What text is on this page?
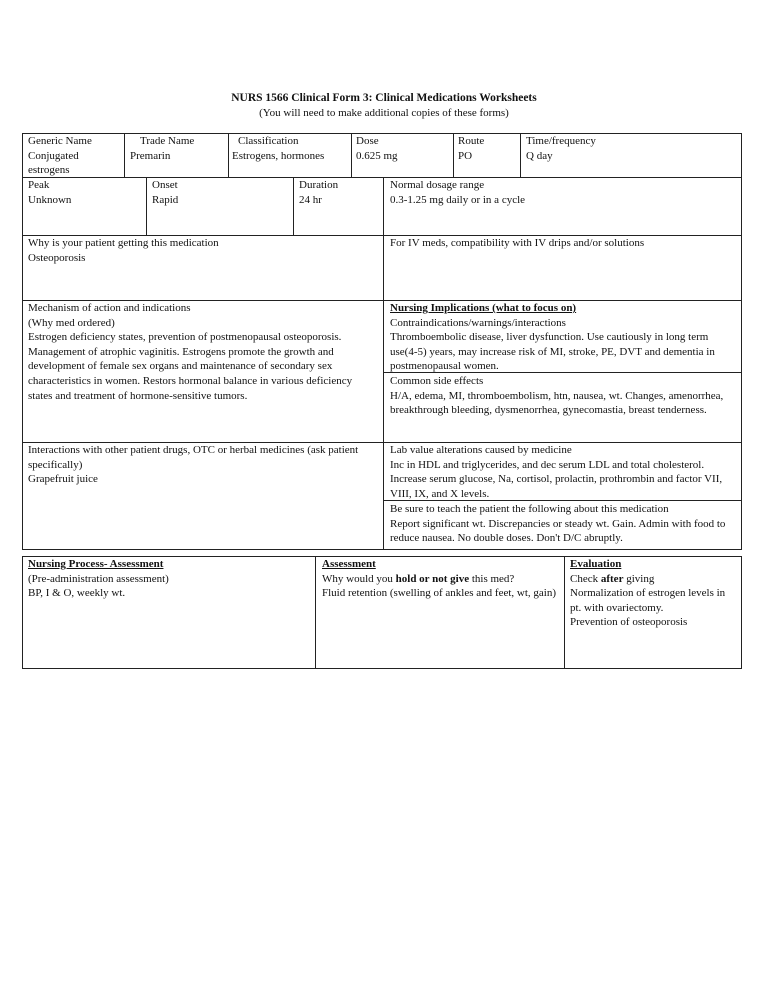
NURS 1566 Clinical Form 3: Clinical Medications Worksheets
(You will need to make additional copies of these forms)
Generic Name
Conjugated
estrogens
Trade Name
Premarin
Classification
Estrogens, hormones
Dose
0.625 mg
Route
PO
Time/frequency
Q day
Peak
Unknown
Onset
Rapid
Duration
24 hr
Normal dosage range
0.3-1.25 mg daily or in a cycle
Why is your patient getting this medication
Osteoporosis
For IV meds, compatibility with IV drips and/or solutions
Mechanism of action and indications
(Why med ordered)
Estrogen deficiency states, prevention of postmenopausal osteoporosis. Management of atrophic vaginitis. Estrogens promote the growth and development of female sex organs and maintenance of secondary sex characteristics in women. Restors hormonal balance in various deficiency states and treatment of hormone-sensitive tumors.
Nursing Implications (what to focus on)
Contraindications/warnings/interactions
Thromboembolic disease, liver dysfunction. Use cautiously in long term use(4-5) years, may increase risk of MI, stroke, PE, DVT and dementia in postmenopausal women.
Common side effects
H/A, edema, MI, thromboembolism, htn, nausea, wt. Changes, amenorrhea, breakthrough bleeding, dysmenorrhea, gynecomastia, breast tenderness.
Interactions with other patient drugs, OTC or herbal medicines (ask patient specifically)
Grapefruit juice
Lab value alterations caused by medicine
Inc in HDL and triglycerides, and dec serum LDL and total cholesterol. Increase serum glucose, Na, cortisol, prolactin, prothrombin and factor VII, VIII, IX, and X levels.
Be sure to teach the patient the following about this medication
Report significant wt. Discrepancies or steady wt. Gain. Admin with food to reduce nausea. No double doses. Don't D/C abruptly.
Nursing Process- Assessment
(Pre-administration assessment)
BP, I & O, weekly wt.
Assessment
Why would you hold or not give this med?
Fluid retention (swelling of ankles and feet, wt, gain)
Evaluation
Check after giving
Normalization of estrogen levels in pt. with ovariectomy.
Prevention of osteoporosis
